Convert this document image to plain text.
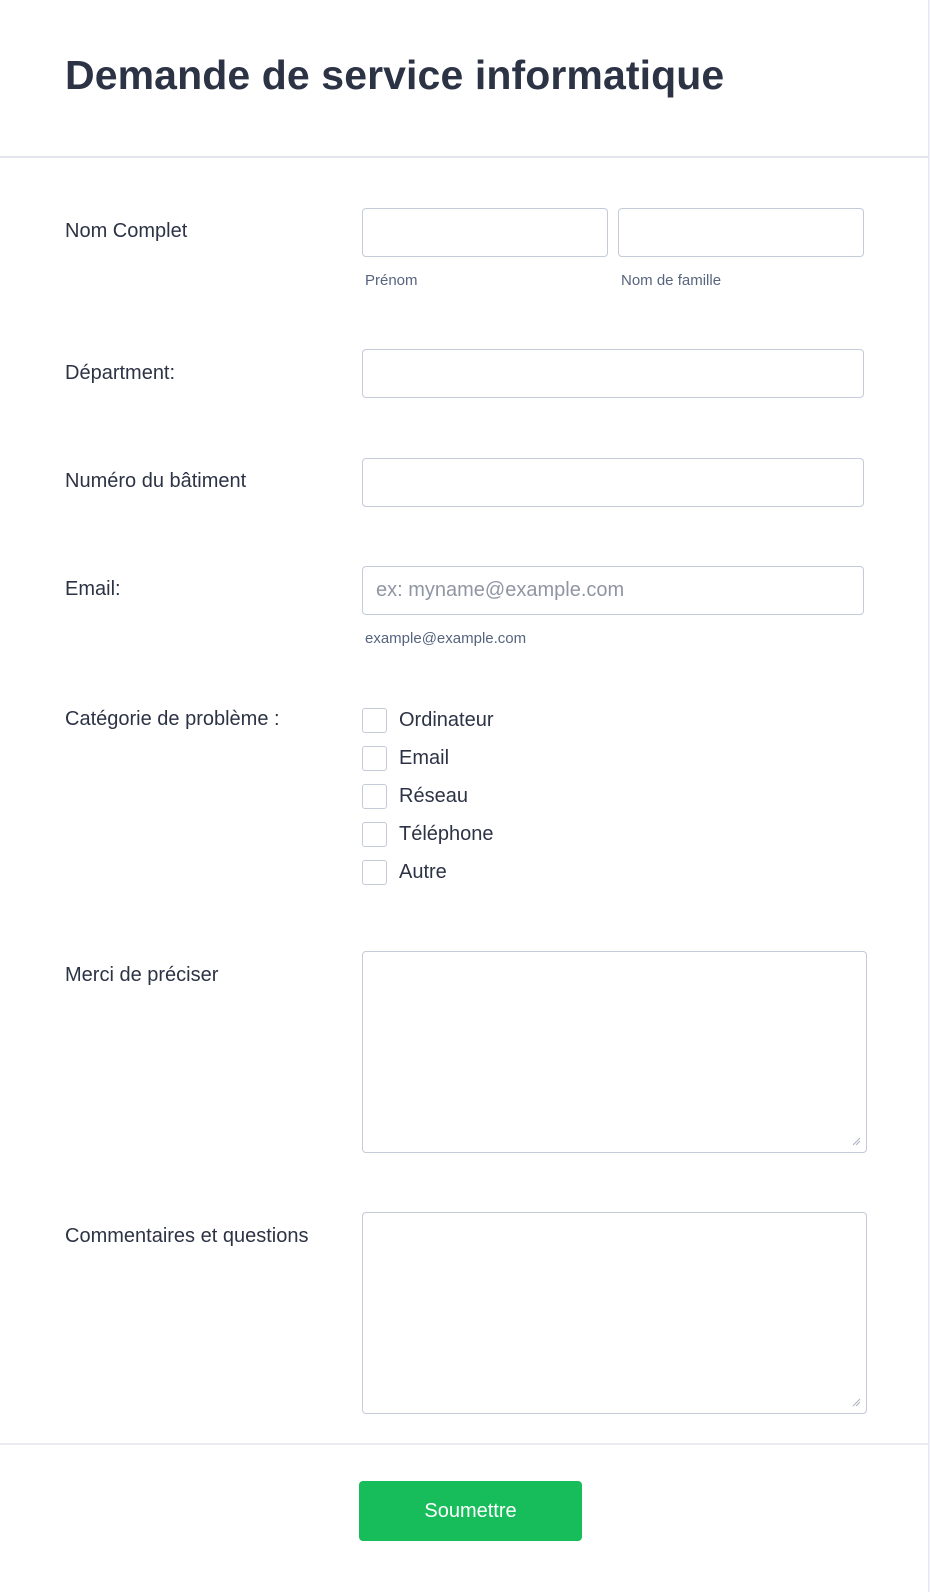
Demande de service informatique
Nom Complet
Prénom	Nom de famille
Départment:
Numéro du bâtiment
Email:
ex: myname@example.com
example@example.com
Catégorie de problème :	Ordinateur
Email
Réseau
Téléphone
Autre
Merci de préciser
Commentaires et questions
Soumettre
